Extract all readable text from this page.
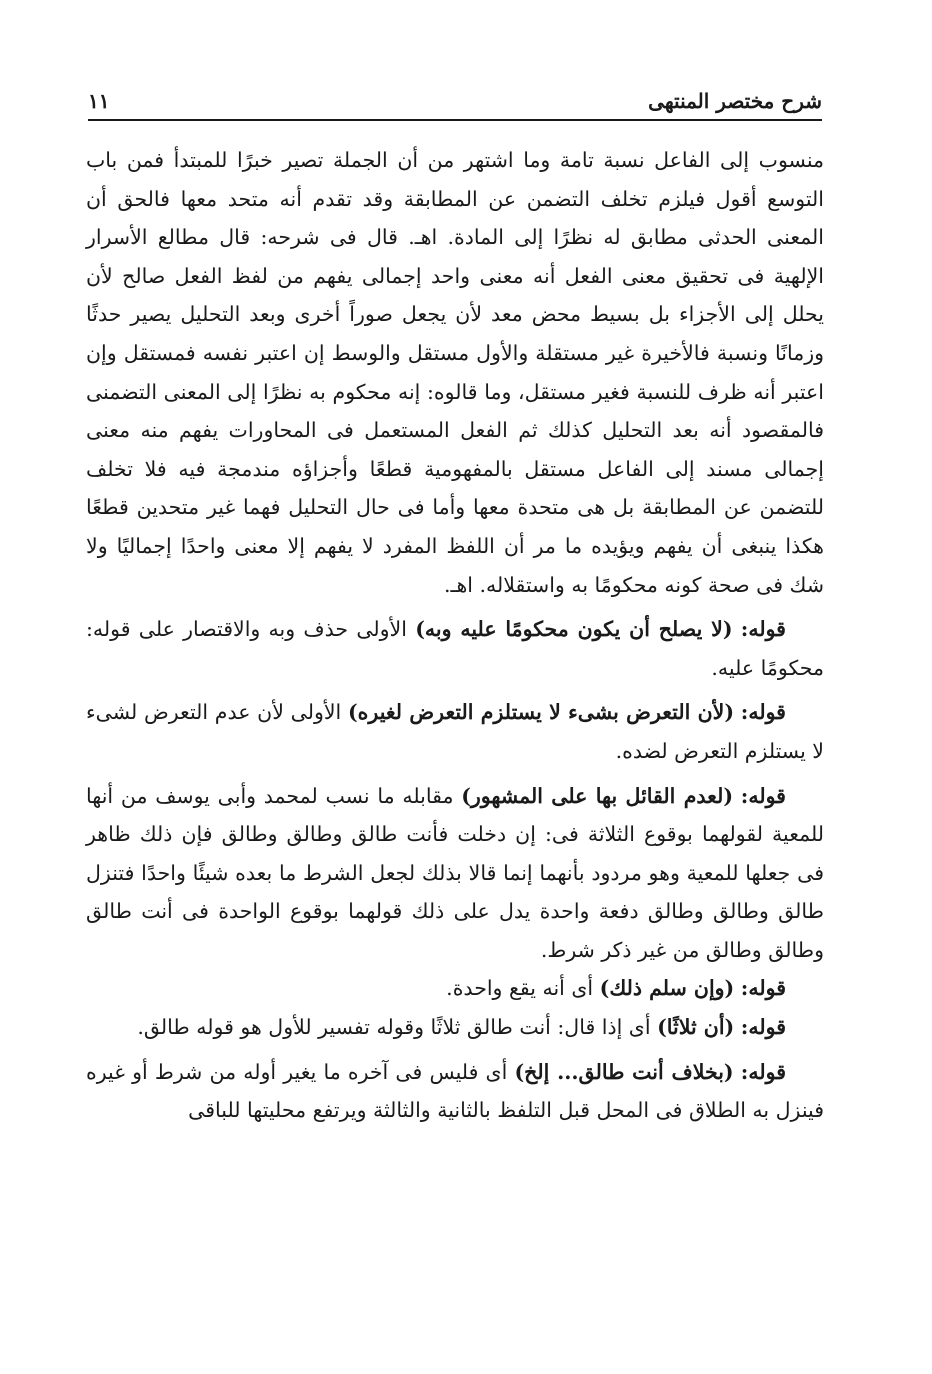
شرح مختصر المنتهى
١١

منسوب إلى الفاعل نسبة تامة وما اشتهر من أن الجملة تصير خبرًا للمبتدأ فمن باب التوسع أقول فيلزم تخلف التضمن عن المطابقة وقد تقدم أنه متحد معها فالحق أن المعنى الحدثى مطابق له نظرًا إلى المادة. اهـ. قال فى شرحه: قال مطالع الأسرار الإلهية فى تحقيق معنى الفعل أنه معنى واحد إجمالى يفهم من لفظ الفعل صالح لأن يحلل إلى الأجزاء بل بسيط محض معد لأن يجعل صوراً أخرى وبعد التحليل يصير حدثًا وزمانًا ونسبة فالأخيرة غير مستقلة والأول مستقل والوسط إن اعتبر نفسه فمستقل وإن اعتبر أنه ظرف للنسبة فغير مستقل، وما قالوه: إنه محكوم به نظرًا إلى المعنى التضمنى فالمقصود أنه بعد التحليل كذلك ثم الفعل المستعمل فى المحاورات يفهم منه معنى إجمالى مسند إلى الفاعل مستقل بالمفهومية قطعًا وأجزاؤه مندمجة فيه فلا تخلف للتضمن عن المطابقة بل هى متحدة معها وأما فى حال التحليل فهما غير متحدين قطعًا هكذا ينبغى أن يفهم ويؤيده ما مر أن اللفظ المفرد لا يفهم إلا معنى واحدًا إجماليًا ولا شك فى صحة كونه محكومًا به واستقلاله. اهـ.

قوله: (لا يصلح أن يكون محكومًا عليه وبه) الأولى حذف وبه والاقتصار على قوله: محكومًا عليه.

قوله: (لأن التعرض بشىء لا يستلزم التعرض لغيره) الأولى لأن عدم التعرض لشىء لا يستلزم التعرض لضده.

قوله: (لعدم القائل بها على المشهور) مقابله ما نسب لمحمد وأبى يوسف من أنها للمعية لقولهما بوقوع الثلاثة فى: إن دخلت فأنت طالق وطالق وطالق فإن ذلك ظاهر فى جعلها للمعية وهو مردود بأنهما إنما قالا بذلك لجعل الشرط ما بعده شيئًا واحدًا فتنزل طالق وطالق وطالق دفعة واحدة يدل على ذلك قولهما بوقوع الواحدة فى أنت طالق وطالق وطالق من غير ذكر شرط.

قوله: (وإن سلم ذلك) أى أنه يقع واحدة.

قوله: (أن ثلاثًا) أى إذا قال: أنت طالق ثلاثًا وقوله تفسير للأول هو قوله طالق.

قوله: (بخلاف أنت طالق... إلخ) أى فليس فى آخره ما يغير أوله من شرط أو غيره فينزل به الطلاق فى المحل قبل التلفظ بالثانية والثالثة ويرتفع محليتها للباقى
